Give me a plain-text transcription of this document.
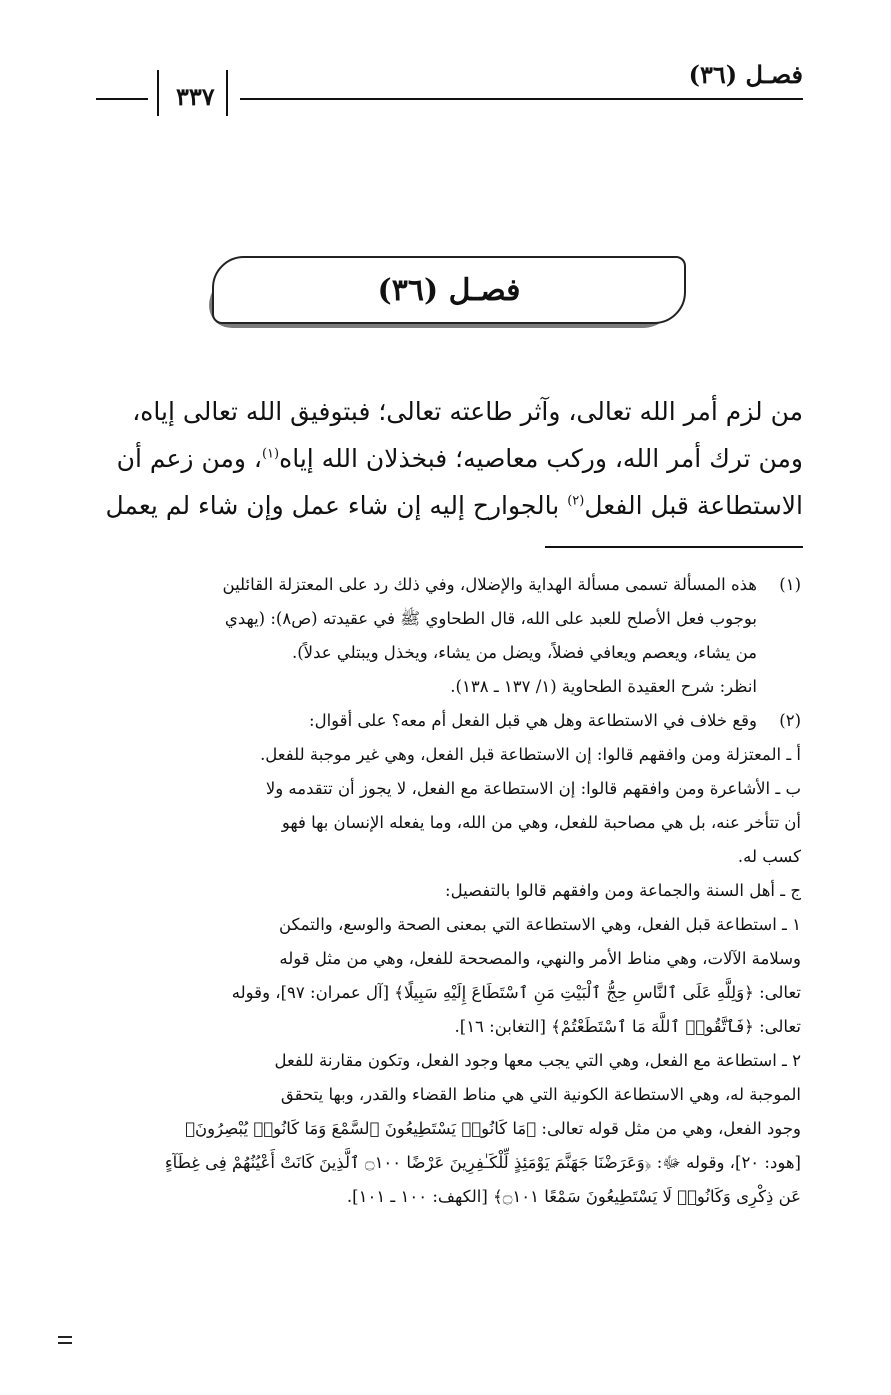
فصـل (٣٦)
٣٣٧
فصـل (٣٦)
من لزم أمر الله تعالى، وآثر طاعته تعالى؛ فبتوفيق الله تعالى إياه،
ومن ترك أمر الله، وركب معاصيه؛ فبخذلان الله إياه$^{(١)}$، ومن زعم أن
الاستطاعة قبل الفعل$^{(٢)}$ بالجوارح إليه إن شاء عمل وإن شاء لم يعمل
(١)
هذه المسألة تسمى مسألة الهداية والإضلال، وفي ذلك رد على المعتزلة القائلين
بوجوب فعل الأصلح للعبد على الله، قال الطحاوي ﷺ في عقيدته (ص٨): (يهدي
من يشاء، ويعصم ويعافي فضلاً، ويضل من يشاء، ويخذل ويبتلي عدلاً).
انظر: شرح العقيدة الطحاوية (١/ ١٣٧ ـ ١٣٨).
(٢)
وقع خلاف في الاستطاعة وهل هي قبل الفعل أم معه؟ على أقوال:
أ ـ المعتزلة ومن وافقهم قالوا: إن الاستطاعة قبل الفعل، وهي غير موجبة للفعل.
ب ـ الأشاعرة ومن وافقهم قالوا: إن الاستطاعة مع الفعل، لا يجوز أن تتقدمه ولا
أن تتأخر عنه، بل هي مصاحبة للفعل، وهي من الله، وما يفعله الإنسان بها فهو
كسب له.
ج ـ أهل السنة والجماعة ومن وافقهم قالوا بالتفصيل:
١ ـ استطاعة قبل الفعل، وهي الاستطاعة التي بمعنى الصحة والوسع، والتمكن
وسلامة الآلات، وهي مناط الأمر والنهي، والمصححة للفعل، وهي من مثل قوله
تعالى: ﴿وَلِلَّهِ عَلَى ٱلنَّاسِ حِجُّ ٱلْبَيْتِ مَنِ ٱسْتَطَاعَ إِلَيْهِ سَبِيلًا﴾ [آل عمران: ٩٧]، وقوله
تعالى: ﴿فَٱتَّقُوا۟ ٱللَّهَ مَا ٱسْتَطَعْتُمْ﴾ [التغابن: ١٦].
٢ ـ استطاعة مع الفعل، وهي التي يجب معها وجود الفعل، وتكون مقارنة للفعل
الموجبة له، وهي الاستطاعة الكونية التي هي مناط القضاء والقدر، وبها يتحقق
وجود الفعل، وهي من مثل قوله تعالى: ﴿مَا كَانُوا۟ يَسْتَطِيعُونَ ٱلسَّمْعَ وَمَا كَانُوا۟ يُبْصِرُونَ﴾
[هود: ٢٠]، وقوله ﷻ: ﴿وَعَرَضْنَا جَهَنَّمَ يَوْمَئِذٍ لِّلْكَـٰفِرِينَ عَرْضًا ۝١٠٠ ٱلَّذِينَ كَانَتْ أَعْيُنُهُمْ فِى غِطَآءٍ
عَن ذِكْرِى وَكَانُوا۟ لَا يَسْتَطِيعُونَ سَمْعًا ۝١٠١﴾ [الكهف: ١٠٠ ـ ١٠١].
